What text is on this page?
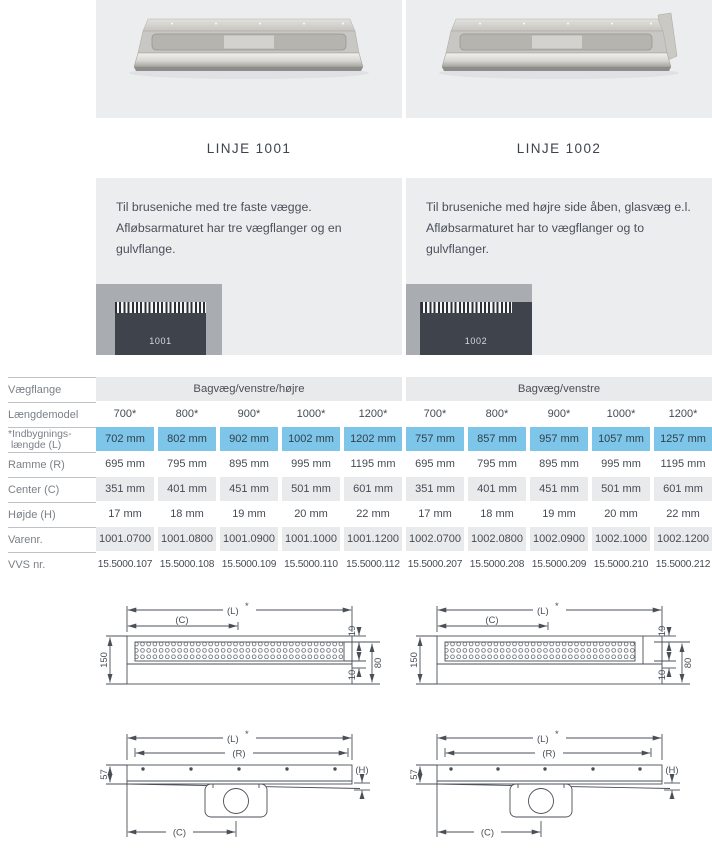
LINJE 1001	LINJE 1002
Til bruseniche med tre faste vægge.
Afløbsarmaturet har tre vægflanger og en
gulvflange.
1001
Til bruseniche med højre side åben, glasvæg e.l.
Afløbsarmaturet har to vægflanger og to
gulvflanger.
1002
Vægflange	Bagvæg/venstre/højre	Bagvæg/venstre
Længdemodel	700*	800*	900*	1000*	1200*	700*	800*	900*	1000*	1200*
*Indbygnings-
længde (L)	702 mm	802 mm	902 mm	1002 mm	1202 mm	757 mm	857 mm	957 mm	1057 mm	1257 mm
Ramme (R)	695 mm	795 mm	895 mm	995 mm	1195 mm	695 mm	795 mm	895 mm	995 mm	1195 mm
Center (C)	351 mm	401 mm	451 mm	501 mm	601 mm	351 mm	401 mm	451 mm	501 mm	601 mm
Højde (H)	17 mm	18 mm	19 mm	20 mm	22 mm	17 mm	18 mm	19 mm	20 mm	22 mm
Varenr.	1001.0700 1001.0800 1001.0900 1001.1000 1001.1200 1002.0700 1002.0800 1002.0900 1002.1000 1002.1200
VVS nr.	15.5000.107 15.5000.108 15.5000.109 15.5000.110 15.5000.112 15.5000.207 15.5000.208 15.5000.209 15.5000.210 15.5000.212
(L) *
(C)
150
19
10
80
(L) *
(C)
150
19
10
80
(L) *
(R)
57	(H)
(C)
(L) *
(R)
57	(H)
(C)
